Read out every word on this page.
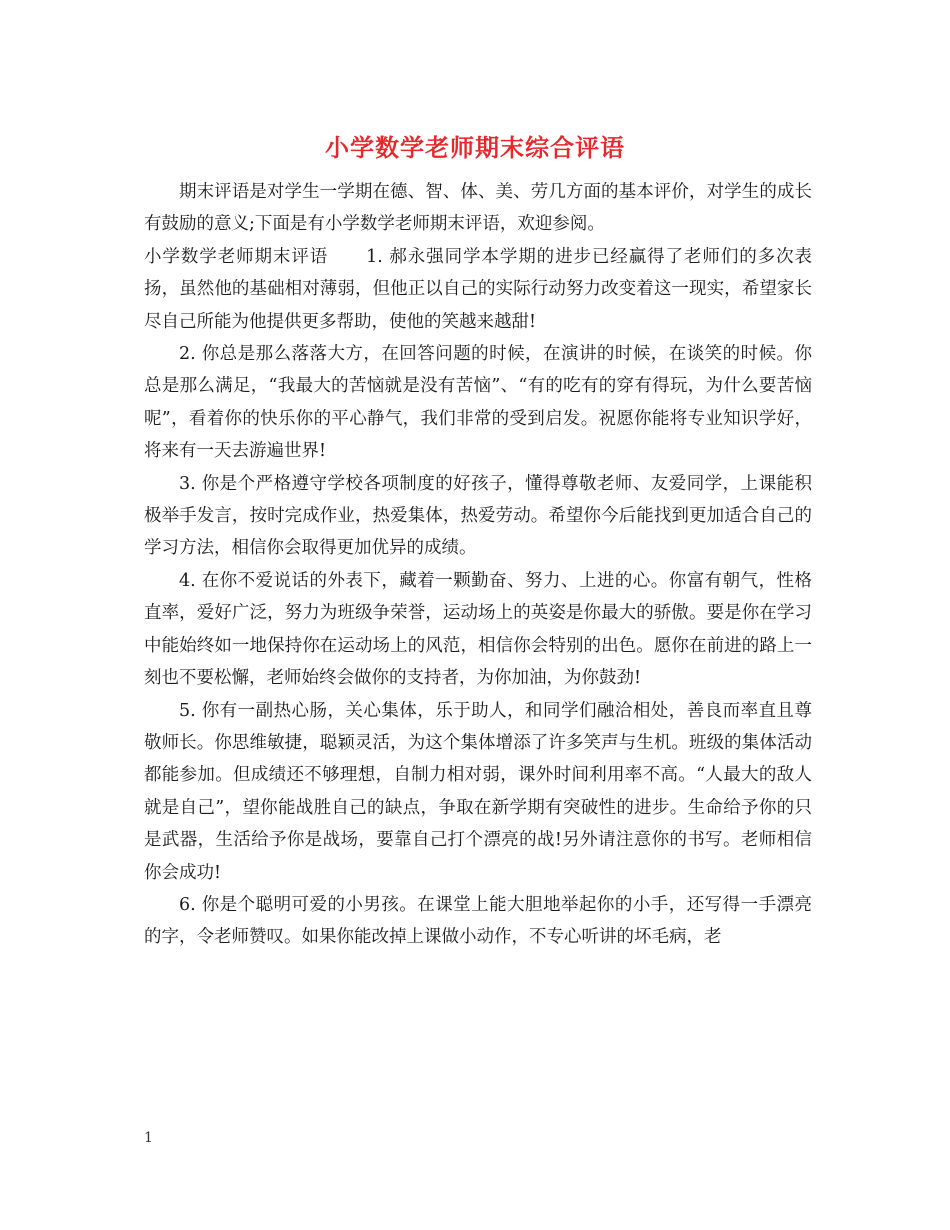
小学数学老师期末综合评语

期末评语是对学生一学期在德、智、体、美、劳几方面的基本评价，对学生的成长有鼓励的意义;下面是有小学数学老师期末评语，欢迎参阅。

小学数学老师期末评语 1. 郝永强同学本学期的进步已经赢得了老师们的多次表扬，虽然他的基础相对薄弱，但他正以自己的实际行动努力改变着这一现实，希望家长尽自己所能为他提供更多帮助，使他的笑越来越甜!

2. 你总是那么落落大方，在回答问题的时候，在演讲的时候，在谈笑的时候。你总是那么满足，“我最大的苦恼就是没有苦恼”、“有的吃有的穿有得玩，为什么要苦恼呢”，看着你的快乐你的平心静气，我们非常的受到启发。祝愿你能将专业知识学好，将来有一天去游遍世界!

3. 你是个严格遵守学校各项制度的好孩子，懂得尊敬老师、友爱同学，上课能积极举手发言，按时完成作业，热爱集体，热爱劳动。希望你今后能找到更加适合自己的学习方法，相信你会取得更加优异的成绩。

4. 在你不爱说话的外表下，藏着一颗勤奋、努力、上进的心。你富有朝气，性格直率，爱好广泛，努力为班级争荣誉，运动场上的英姿是你最大的骄傲。要是你在学习中能始终如一地保持你在运动场上的风范，相信你会特别的出色。愿你在前进的路上一刻也不要松懈，老师始终会做你的支持者，为你加油，为你鼓劲!

5. 你有一副热心肠，关心集体，乐于助人，和同学们融洽相处，善良而率直且尊敬师长。你思维敏捷，聪颖灵活，为这个集体增添了许多笑声与生机。班级的集体活动都能参加。但成绩还不够理想，自制力相对弱，课外时间利用率不高。“人最大的敌人就是自己”，望你能战胜自己的缺点，争取在新学期有突破性的进步。生命给予你的只是武器，生活给予你是战场，要靠自己打个漂亮的战!另外请注意你的书写。老师相信你会成功!

6. 你是个聪明可爱的小男孩。在课堂上能大胆地举起你的小手，还写得一手漂亮的字，令老师赞叹。如果你能改掉上课做小动作，不专心听讲的坏毛病，老

1
